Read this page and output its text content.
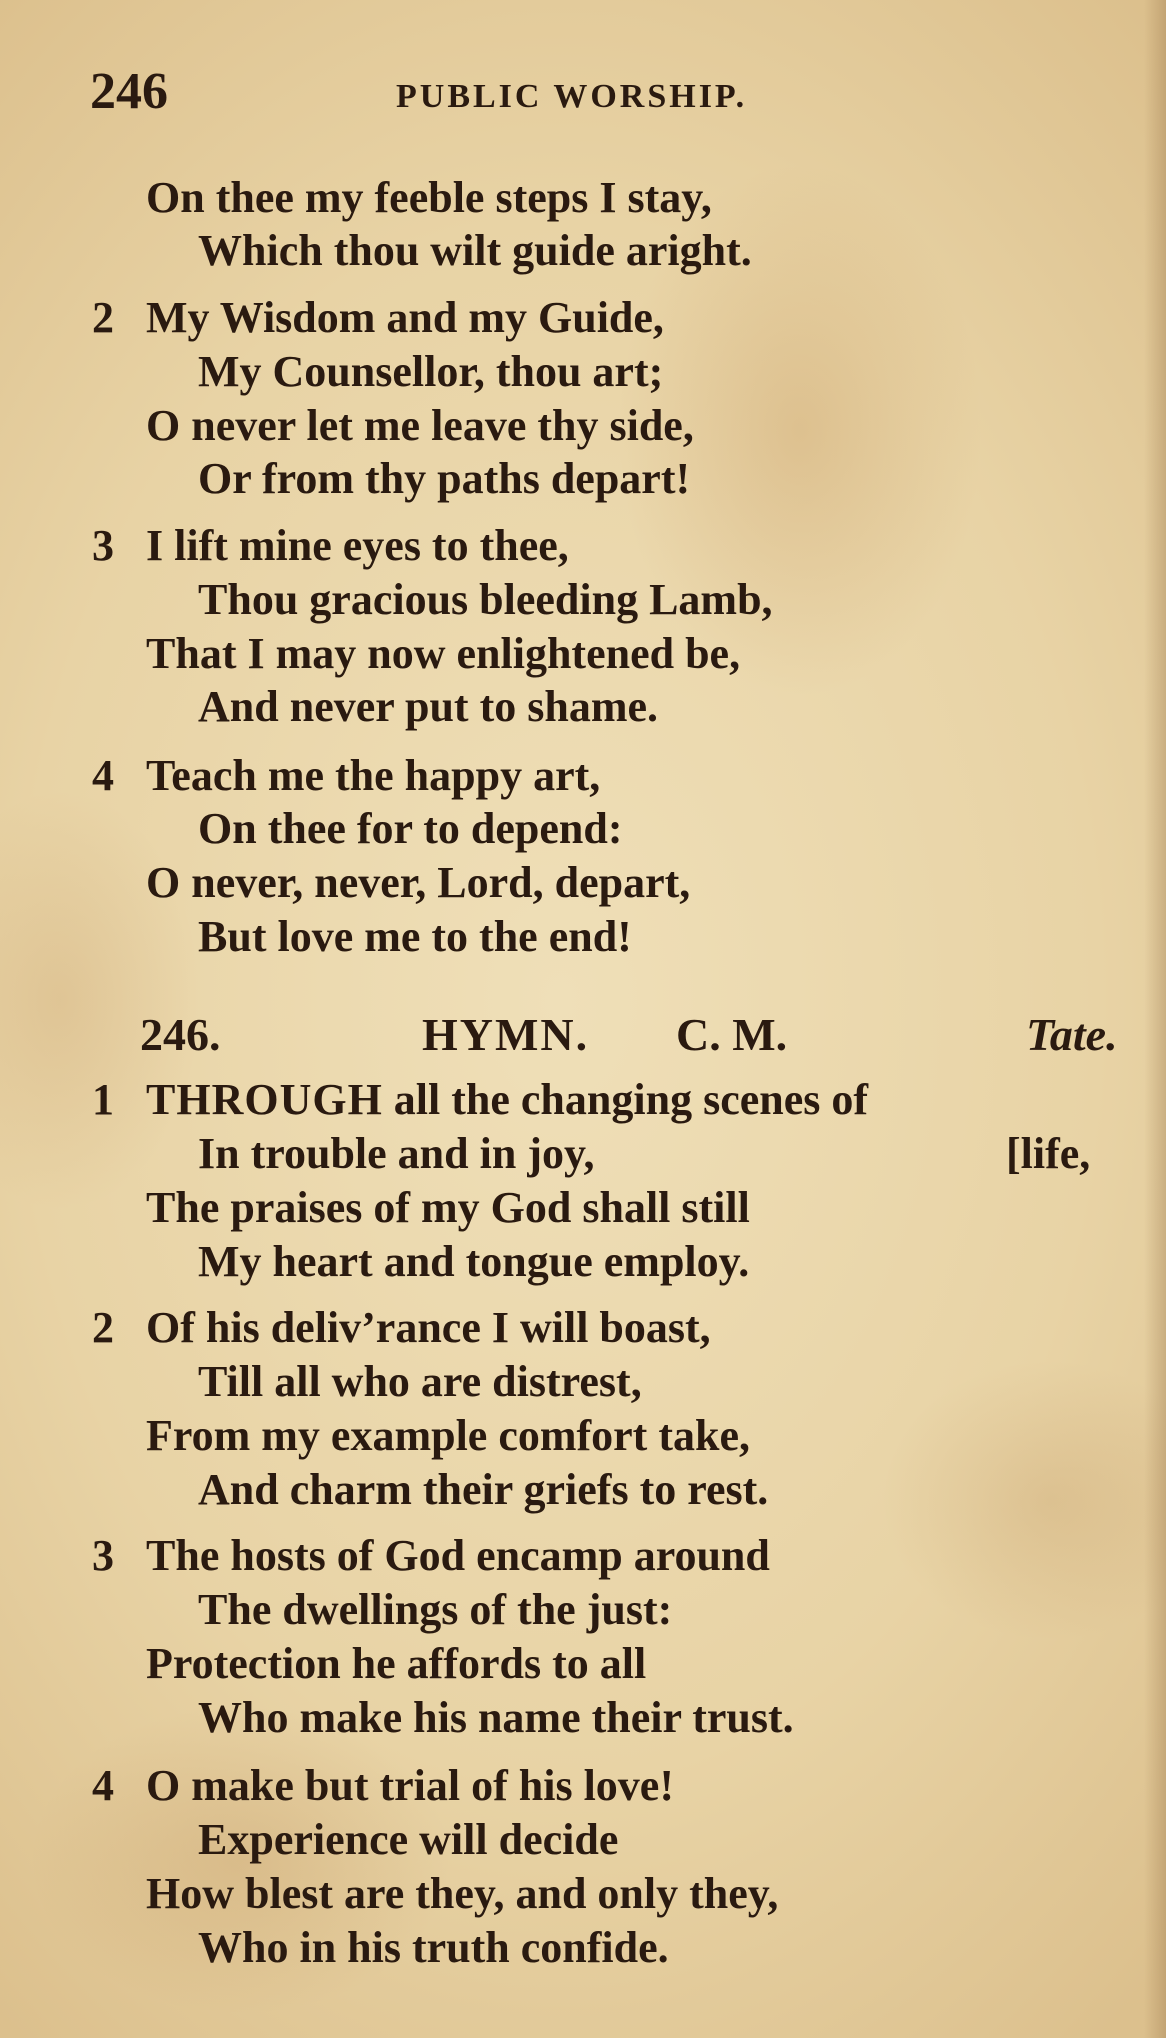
246	PUBLIC WORSHIP.
On thee my feeble steps I stay,
Which thou wilt guide aright.
2 My Wisdom and my Guide,
My Counsellor, thou art;
O never let me leave thy side,
Or from thy paths depart!
3 I lift mine eyes to thee,
Thou gracious bleeding Lamb,
That I may now enlightened be,
And never put to shame.
4 Teach me the happy art,
On thee for to depend:
O never, never, Lord, depart,
But love me to the end!
246.	HYMN. C. M.	Tate.
1 THROUGH all the changing scenes of
In trouble and in joy,	[life,
The praises of my God shall still
My heart and tongue employ.
2 Of his deliv’rance I will boast,
Till all who are distrest,
From my example comfort take,
And charm their griefs to rest.
3 The hosts of God encamp around
The dwellings of the just:
Protection he affords to all
Who make his name their trust.
4 O make but trial of his love!
Experience will decide
How blest are they, and only they,
Who in his truth confide.
